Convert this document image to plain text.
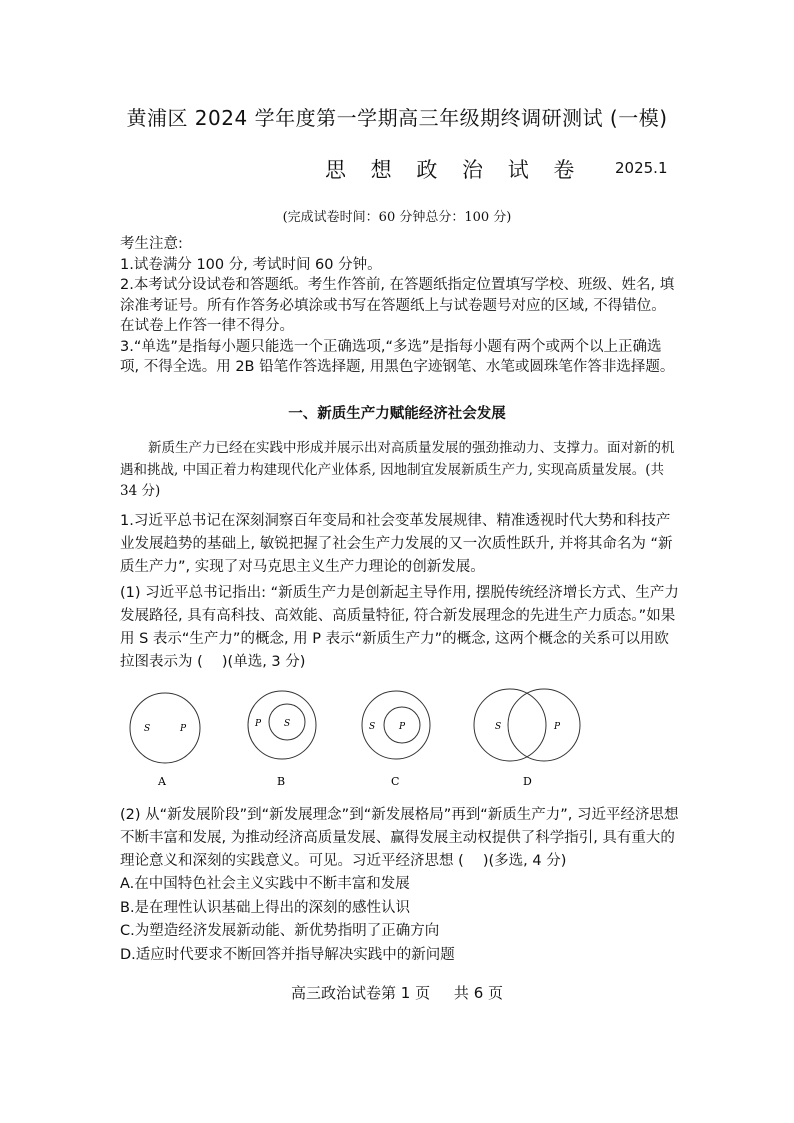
黄浦区 2024 学年度第一学期高三年级期终调研测试 (一模)
思 想 政 治 试 卷 2025.1
(完成试卷时间：60 分钟总分：100 分)

考生注意:

1.试卷满分 100 分, 考试时间 60 分钟。

2.本考试分设试卷和答题纸。考生作答前, 在答题纸指定位置填写学校、班级、姓名, 填涂准考证号。所有作答务必填涂或书写在答题纸上与试卷题号对应的区域, 不得错位。在试卷上作答一律不得分。

3.“单选”是指每小题只能选一个正确选项,“多选”是指每小题有两个或两个以上正确选项, 不得全选。用 2B 铅笔作答选择题, 用黑色字迹钢笔、水笔或圆珠笔作答非选择题。

一、新质生产力赋能经济社会发展

新质生产力已经在实践中形成并展示出对高质量发展的强劲推动力、支撑力。面对新的机遇和挑战, 中国正着力构建现代化产业体系, 因地制宜发展新质生产力, 实现高质量发展。(共 34 分)

1.习近平总书记在深刻洞察百年变局和社会变革发展规律、精准透视时代大势和科技产业发展趋势的基础上, 敏锐把握了社会生产力发展的又一次质性跃升, 并将其命名为 “新质生产力”, 实现了对马克思主义生产力理论的创新发展。

(1) 习近平总书记指出: “新质生产力是创新起主导作用, 摆脱传统经济增长方式、生产力发展路径, 具有高科技、高效能、高质量特征, 符合新发展理念的先进生产力质态。”如果用 S 表示“生产力”的概念, 用 P 表示“新质生产力”的概念, 这两个概念的关系可以用欧拉图表示为 (　 )(单选, 3 分)

S	P
A
P	S
B
S	P
C
S	P
D

(2) 从“新发展阶段”到“新发展理念”到“新发展格局”再到“新质生产力”, 习近平经济思想不断丰富和发展, 为推动经济高质量发展、赢得发展主动权提供了科学指引, 具有重大的理论意义和深刻的实践意义。可见。习近平经济思想 (　 )(多选, 4 分)

A.在中国特色社会主义实践中不断丰富和发展
B.是在理性认识基础上得出的深刻的感性认识
C.为塑造经济发展新动能、新优势指明了正确方向
D.适应时代要求不断回答并指导解决实践中的新问题
高三政治试卷第 1 页 共 6 页
